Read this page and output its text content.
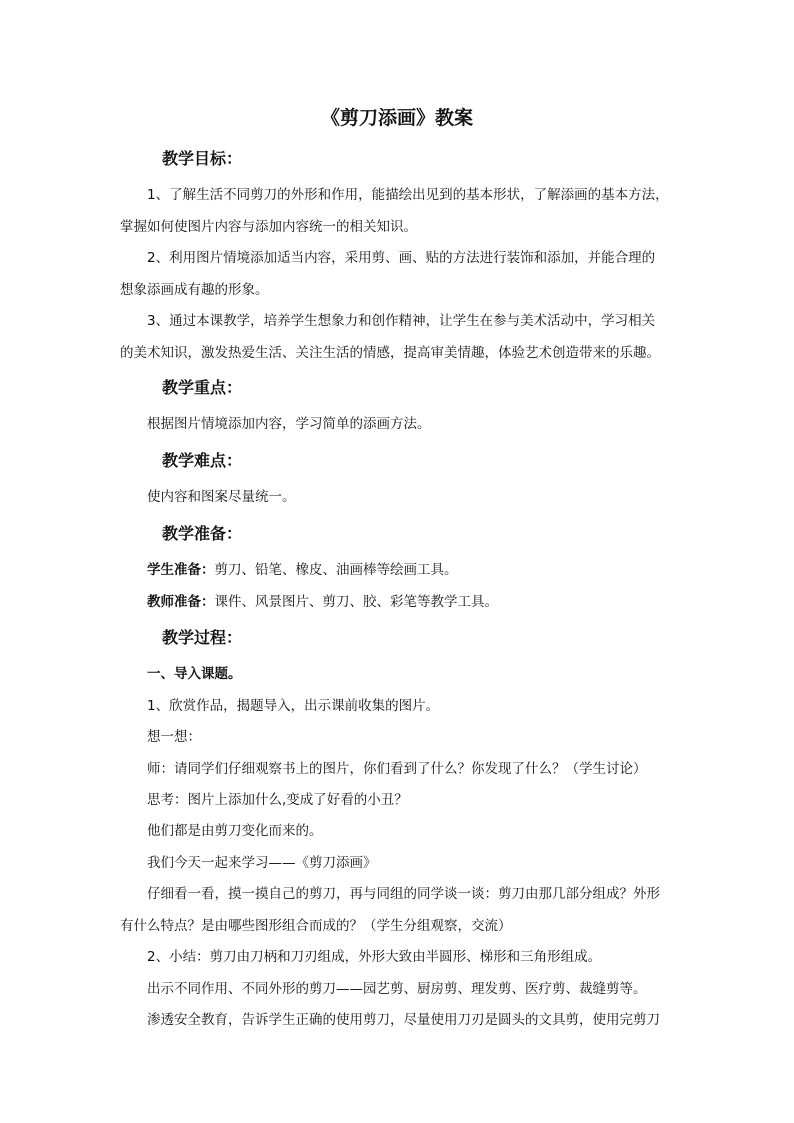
《剪刀添画》教案
教学目标：
1、了解生活不同剪刀的外形和作用，能描绘出见到的基本形状，了解添画的基本方法，
掌握如何使图片内容与添加内容统一的相关知识。
2、利用图片情境添加适当内容，采用剪、画、贴的方法进行装饰和添加，并能合理的
想象添画成有趣的形象。
3、通过本课教学，培养学生想象力和创作精神，让学生在参与美术活动中，学习相关
的美术知识，激发热爱生活、关注生活的情感，提高审美情趣，体验艺术创造带来的乐趣。
教学重点：
根据图片情境添加内容，学习简单的添画方法。
教学难点：
使内容和图案尽量统一。
教学准备：
学生准备：剪刀、铅笔、橡皮、油画棒等绘画工具。
教师准备：课件、风景图片、剪刀、胶、彩笔等教学工具。
教学过程：
一、导入课题。
1、欣赏作品，揭题导入，出示课前收集的图片。
想一想：
师：请同学们仔细观察书上的图片，你们看到了什么？你发现了什么？（学生讨论）
思考：图片上添加什么,变成了好看的小丑？
他们都是由剪刀变化而来的。
我们今天一起来学习——《剪刀添画》
仔细看一看，摸一摸自己的剪刀，再与同组的同学谈一谈：剪刀由那几部分组成？外形
有什么特点？是由哪些图形组合而成的？（学生分组观察，交流）
2、小结：剪刀由刀柄和刀刃组成，外形大致由半圆形、梯形和三角形组成。
出示不同作用、不同外形的剪刀——园艺剪、厨房剪、理发剪、医疗剪、裁缝剪等。
渗透安全教育，告诉学生正确的使用剪刀，尽量使用刀刃是圆头的文具剪，使用完剪刀
